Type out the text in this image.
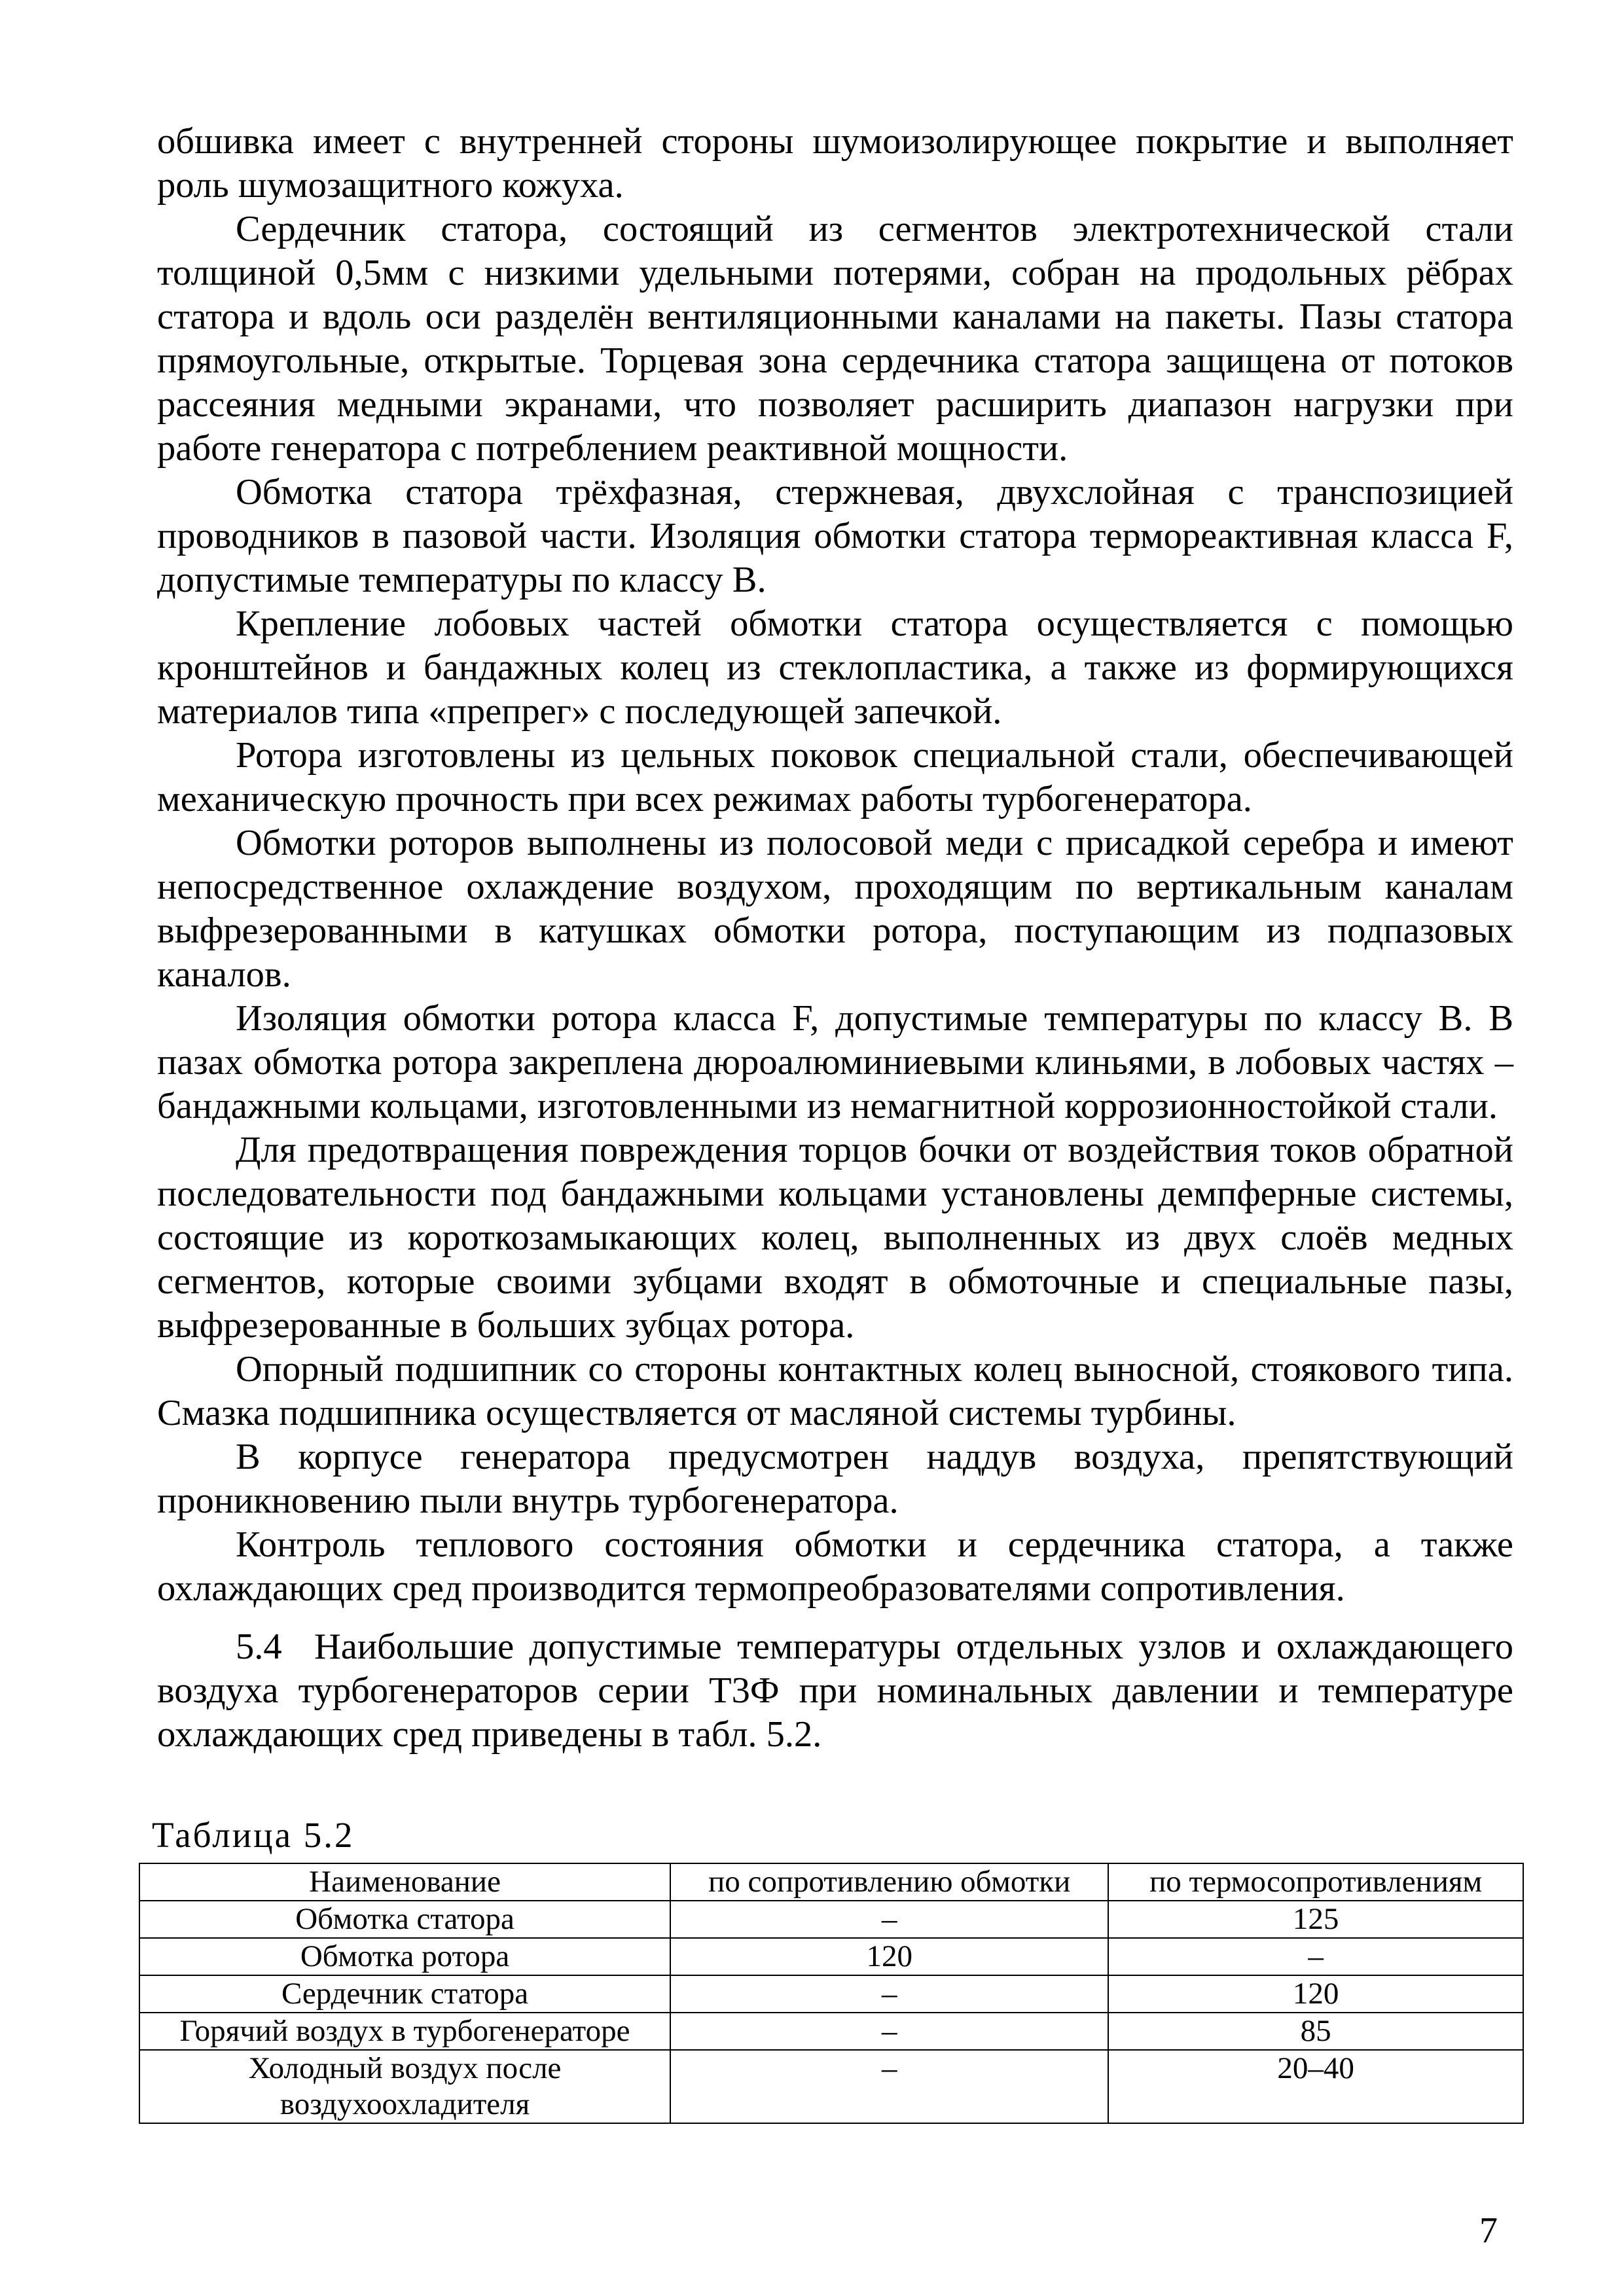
обшивка имеет с внутренней стороны шумоизолирующее покрытие и выполняет роль шумозащитного кожуха.

Сердечник статора, состоящий из сегментов электротехнической стали толщиной 0,5мм с низкими удельными потерями, собран на продольных рёбрах статора и вдоль оси разделён вентиляционными каналами на пакеты. Пазы статора прямоугольные, открытые. Торцевая зона сердечника статора защищена от потоков рассеяния медными экранами, что позволяет расширить диапазон нагрузки при работе генератора с потреблением реактивной мощности.

Обмотка статора трёхфазная, стержневая, двухслойная с транспозицией проводников в пазовой части. Изоляция обмотки статора термореактивная класса F, допустимые температуры по классу В.

Крепление лобовых частей обмотки статора осуществляется с помощью кронштейнов и бандажных колец из стеклопластика, а также из формирующихся материалов типа «препрег» с последующей запечкой.

Ротора изготовлены из цельных поковок специальной стали, обеспечивающей механическую прочность при всех режимах работы турбогенератора.

Обмотки роторов выполнены из полосовой меди с присадкой серебра и имеют непосредственное охлаждение воздухом, проходящим по вертикальным каналам выфрезерованными в катушках обмотки ротора, поступающим из подпазовых каналов.

Изоляция обмотки ротора класса F, допустимые температуры по классу В. В пазах обмотка ротора закреплена дюроалюминиевыми клиньями, в лобовых частях – бандажными кольцами, изготовленными из немагнитной коррозионностойкой стали.

Для предотвращения повреждения торцов бочки от воздействия токов обратной последовательности под бандажными кольцами установлены демпферные системы, состоящие из короткозамыкающих колец, выполненных из двух слоёв медных сегментов, которые своими зубцами входят в обмоточные и специальные пазы, выфрезерованные в больших зубцах ротора.

Опорный подшипник со стороны контактных колец выносной, стоякового типа. Смазка подшипника осуществляется от масляной системы турбины.

В корпусе генератора предусмотрен наддув воздуха, препятствующий проникновению пыли внутрь турбогенератора.

Контроль теплового состояния обмотки и сердечника статора, а также охлаждающих сред производится термопреобразователями сопротивления.

5.4 Наибольшие допустимые температуры отдельных узлов и охлаждающего воздуха турбогенераторов серии Т3Ф при номинальных давлении и температуре охлаждающих сред приведены в табл. 5.2.

Таблица 5.2
Наименование	по сопротивлению обмотки	по термосопротивлениям
Обмотка статора	–	125
Обмотка ротора	120	–
Сердечник статора	–	120
Горячий воздух в турбогенераторе	–	85
Холодный воздух после воздухоохладителя	–	20–40
7
